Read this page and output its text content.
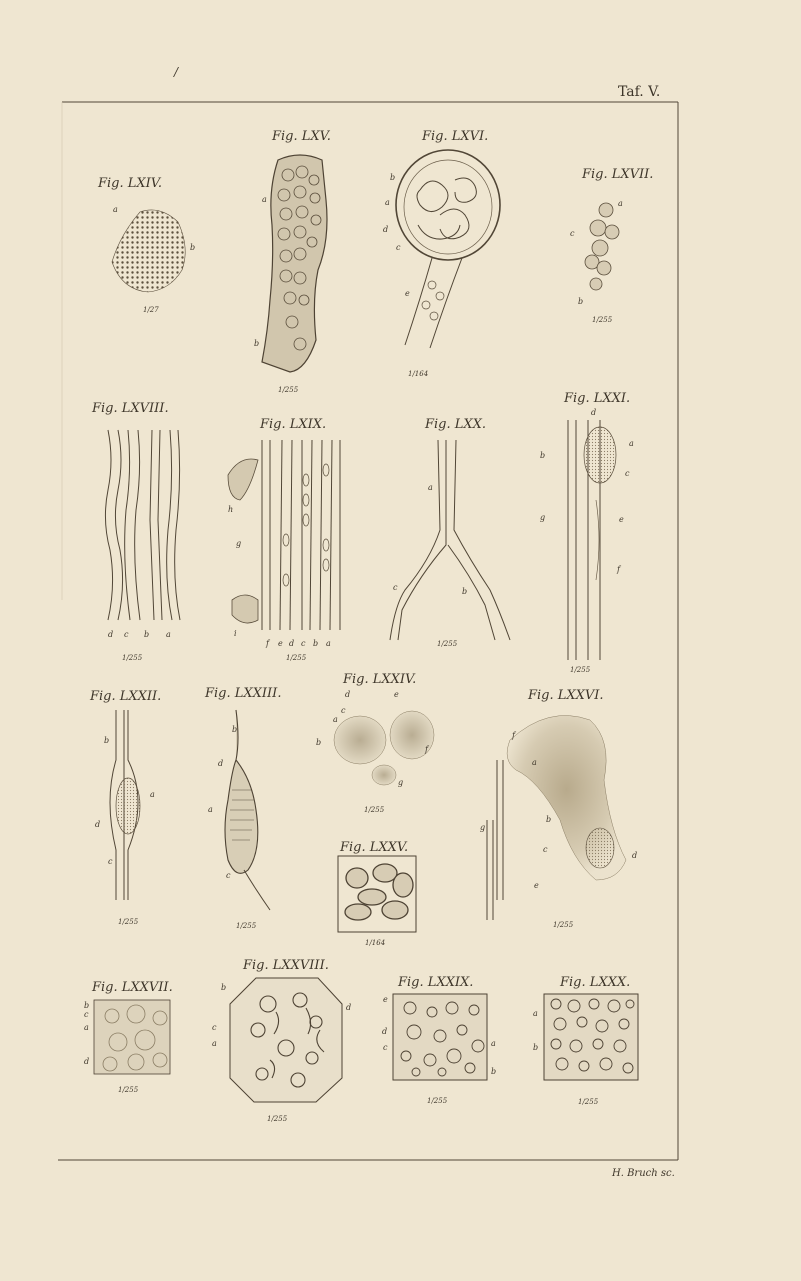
/
Taf. V.
H. Bruch sc.
Fig. LXIV.
a
b
1/27
Fig. LXV.
a
b
1/255
Fig. LXVI.
b
a
d
c
e
1/164
Fig. LXVII.
a
c
b
1/255
Fig. LXVIII.
d c b a
1/255
Fig. LXIX.
h
g
i
f e d c b a
1/255
Fig. LXX.
a
c	b
1/255
Fig. LXXI.
d
b
a
c
g	e
f
1/255
Fig. LXXII.
b
a
d
c
1/255
Fig. LXXIII.
b
d
a
c
1/255
Fig. LXXIV.
d	e
c
a
b
f
g
1/255
Fig. LXXV.
1/164
Fig. LXXVI.
f
a
b
g
c
d
e
1/255
Fig. LXXVII.
b
c
a
d
1/255
Fig. LXXVIII.
b
c
a
d
1/255
Fig. LXXIX.
e
d
c	a
b
1/255
Fig. LXXX.
a
b
1/255
